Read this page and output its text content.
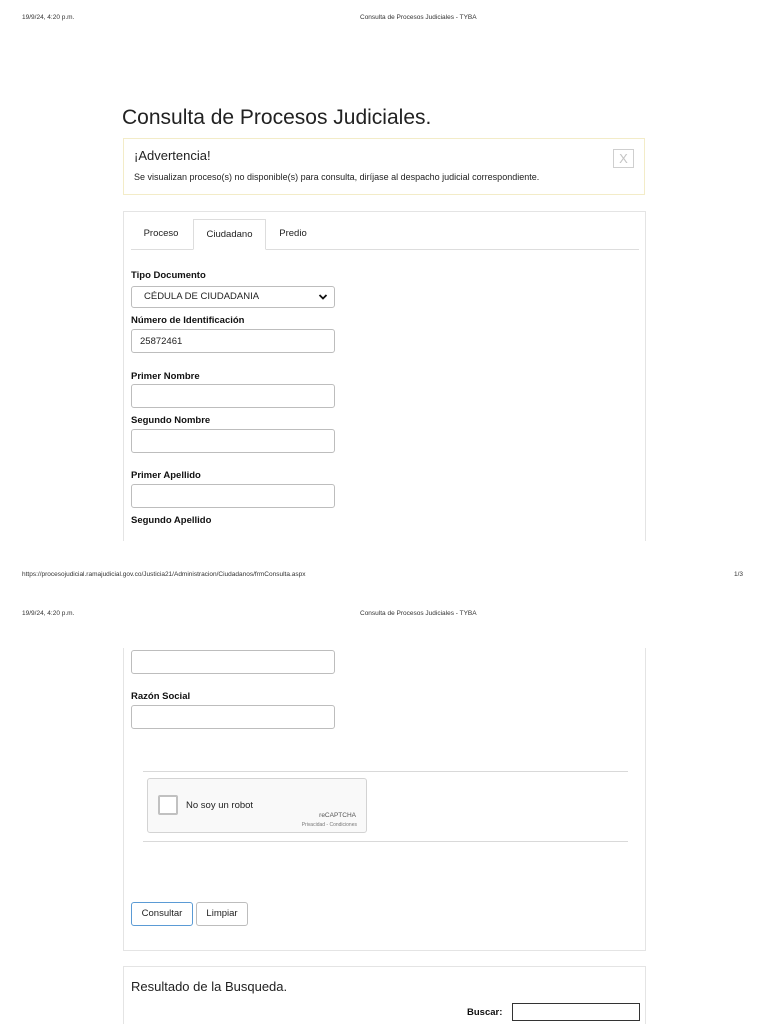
19/9/24, 4:20 p.m.	Consulta de Procesos Judiciales - TYBA
Consulta de Procesos Judiciales.
¡Advertencia!
Se visualizan proceso(s) no disponible(s) para consulta, diríjase al despacho judicial correspondiente.
X
Proceso	Ciudadano	Predio
Tipo Documento
CÉDULA DE CIUDADANIA
Número de Identificación
25872461
Primer Nombre
Segundo Nombre
Primer Apellido
Segundo Apellido
https://procesojudicial.ramajudicial.gov.co/Justicia21/Administracion/Ciudadanos/frmConsulta.aspx	1/3
19/9/24, 4:20 p.m.	Consulta de Procesos Judiciales - TYBA
Razón Social
Consultar	Limpiar
No soy un robot
reCAPTCHA
Privacidad - Condiciones
Resultado de la Busqueda.
Buscar:
